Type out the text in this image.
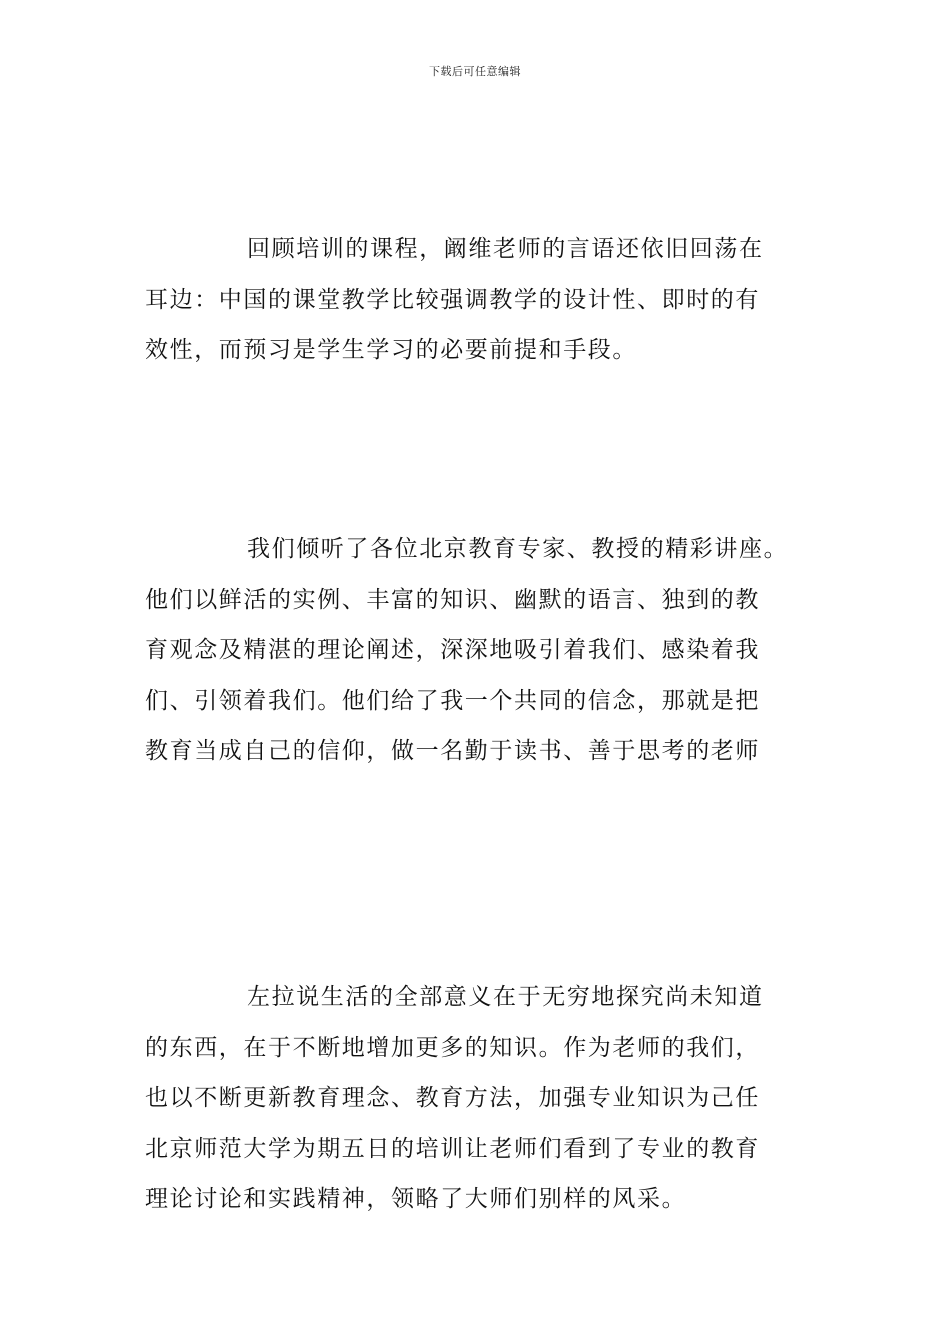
下载后可任意编辑
回顾培训的课程，阚维老师的言语还依旧回荡在
耳边：中国的课堂教学比较强调教学的设计性、即时的有
效性，而预习是学生学习的必要前提和手段。
我们倾听了各位北京教育专家、教授的精彩讲座。
他们以鲜活的实例、丰富的知识、幽默的语言、独到的教
育观念及精湛的理论阐述，深深地吸引着我们、感染着我
们、引领着我们。他们给了我一个共同的信念，那就是把
教育当成自己的信仰，做一名勤于读书、善于思考的老师
左拉说生活的全部意义在于无穷地探究尚未知道
的东西，在于不断地增加更多的知识。作为老师的我们，
也以不断更新教育理念、教育方法，加强专业知识为己任
北京师范大学为期五日的培训让老师们看到了专业的教育
理论讨论和实践精神，领略了大师们别样的风采。
